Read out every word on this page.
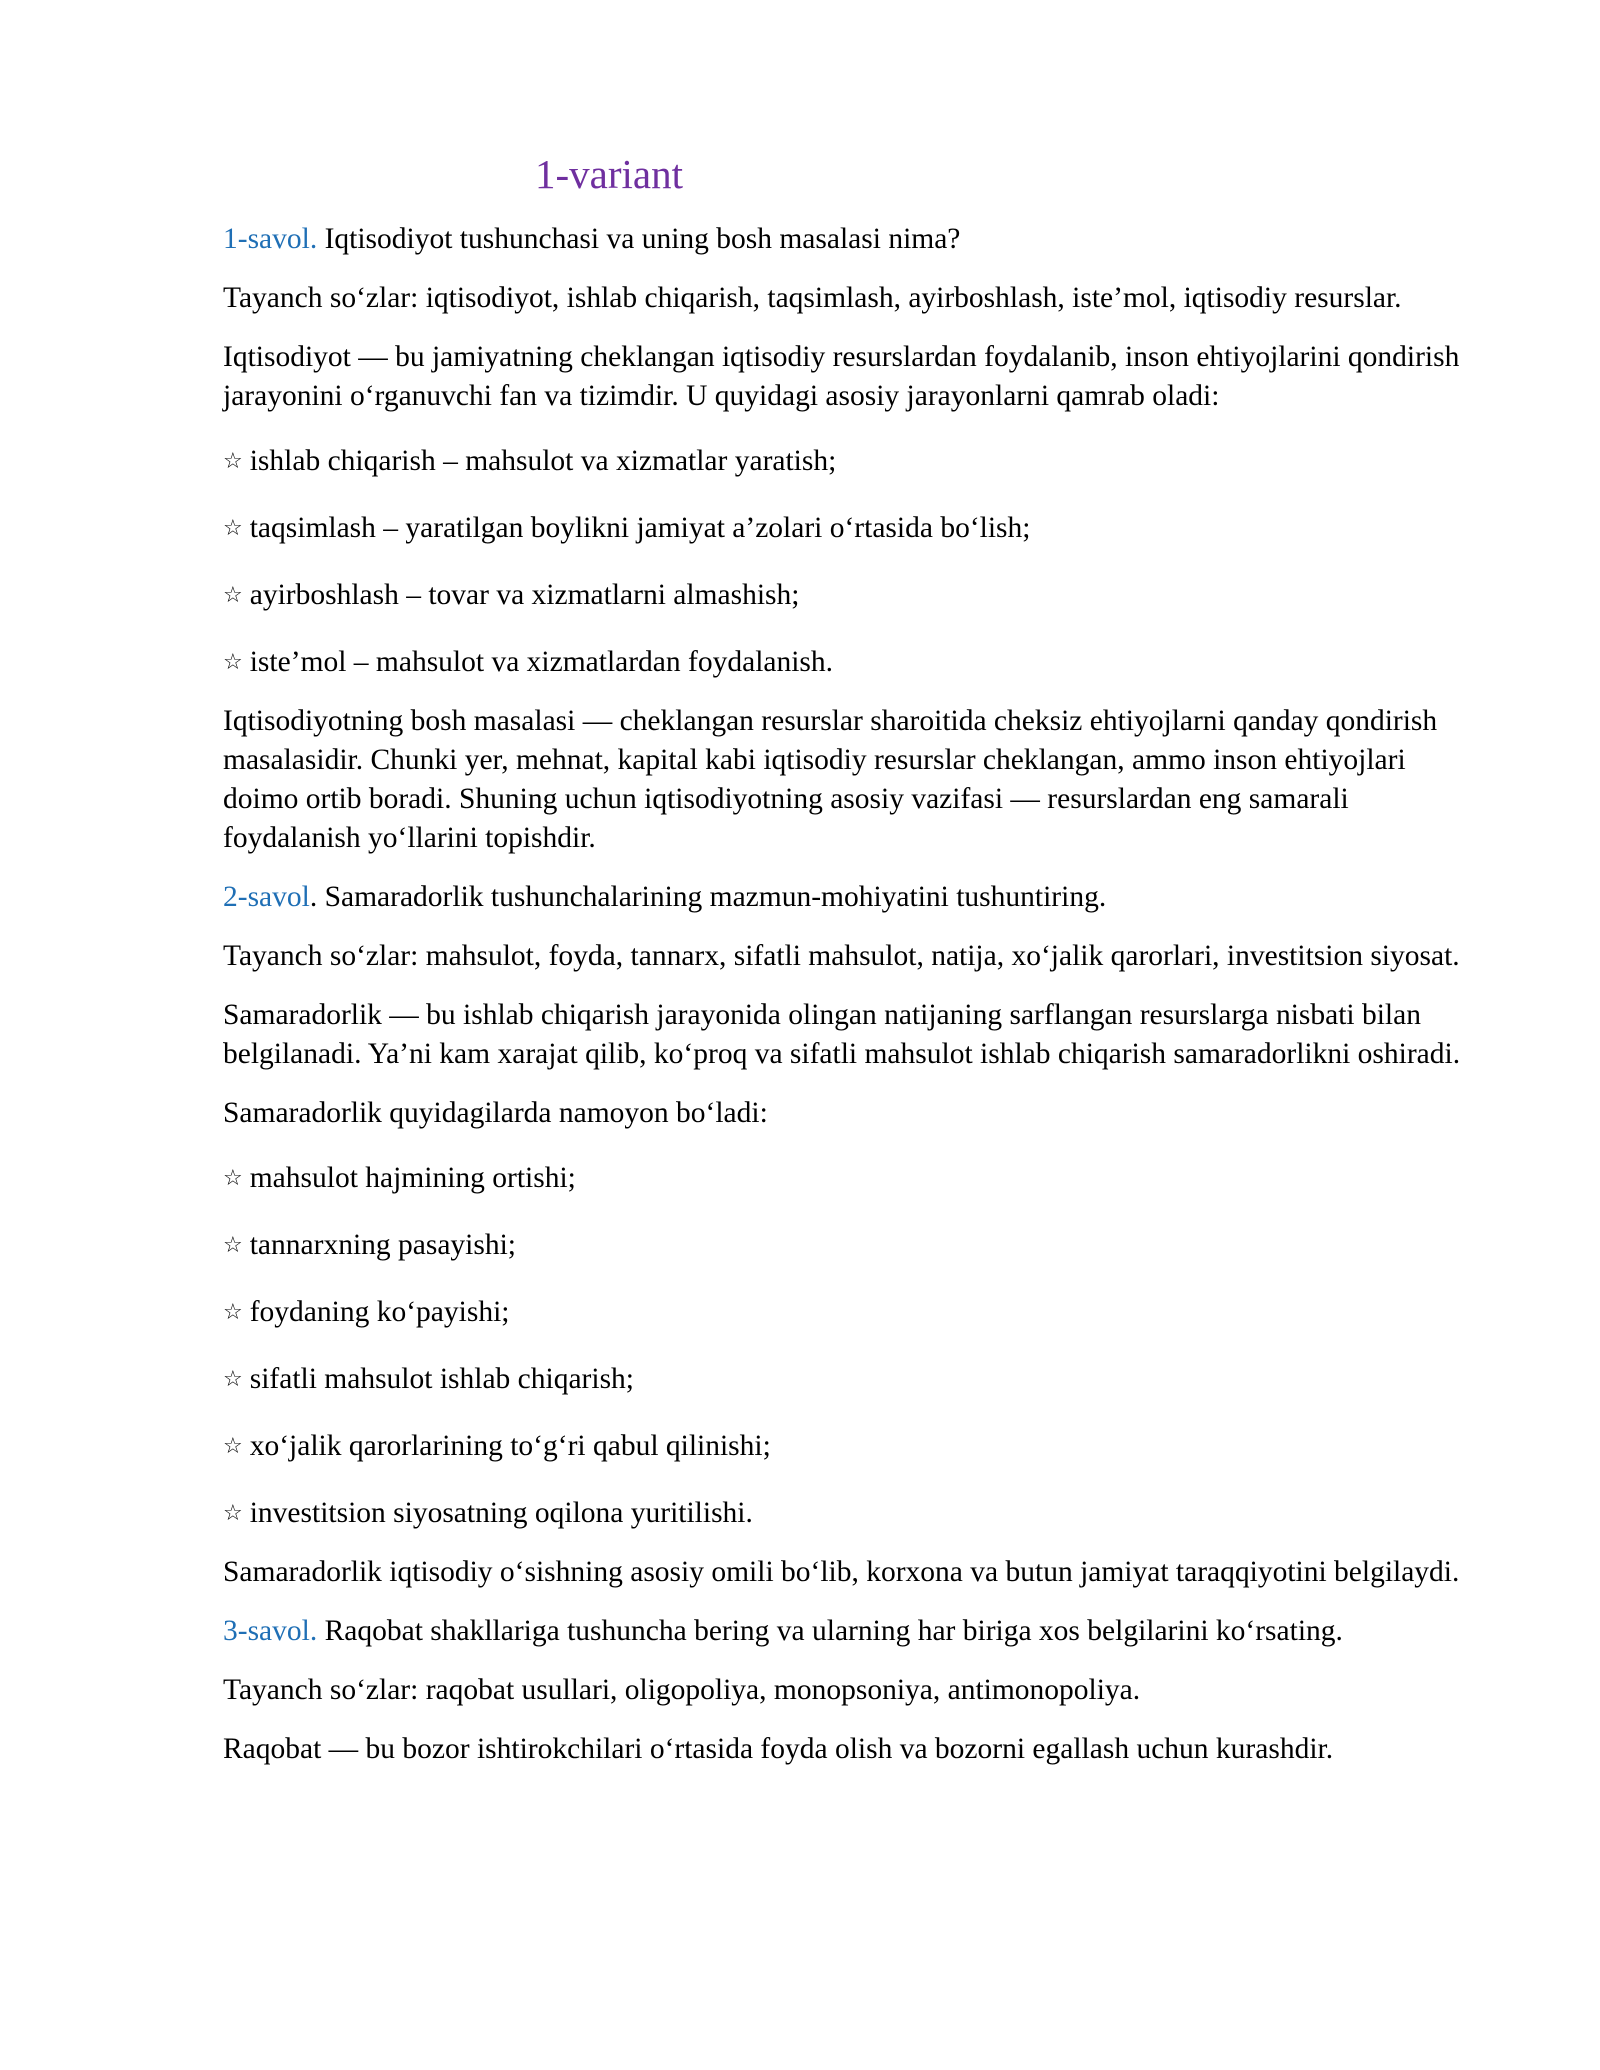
1-variant

1-savol. Iqtisodiyot tushunchasi va uning bosh masalasi nima?

Tayanch so‘zlar: iqtisodiyot, ishlab chiqarish, taqsimlash, ayirboshlash, iste’mol, iqtisodiy resurslar.

Iqtisodiyot — bu jamiyatning cheklangan iqtisodiy resurslardan foydalanib, inson ehtiyojlarini qondirish jarayonini o‘rganuvchi fan va tizimdir. U quyidagi asosiy jarayonlarni qamrab oladi:

☆ ishlab chiqarish – mahsulot va xizmatlar yaratish;

☆ taqsimlash – yaratilgan boylikni jamiyat a’zolari o‘rtasida bo‘lish;

☆ ayirboshlash – tovar va xizmatlarni almashish;

☆ iste’mol – mahsulot va xizmatlardan foydalanish.

Iqtisodiyotning bosh masalasi — cheklangan resurslar sharoitida cheksiz ehtiyojlarni qanday qondirish masalasidir. Chunki yer, mehnat, kapital kabi iqtisodiy resurslar cheklangan, ammo inson ehtiyojlari doimo ortib boradi. Shuning uchun iqtisodiyotning asosiy vazifasi — resurslardan eng samarali foydalanish yo‘llarini topishdir.

2-savol. Samaradorlik tushunchalarining mazmun-mohiyatini tushuntiring.

Tayanch so‘zlar: mahsulot, foyda, tannarx, sifatli mahsulot, natija, xo‘jalik qarorlari, investitsion siyosat.

Samaradorlik — bu ishlab chiqarish jarayonida olingan natijaning sarflangan resurslarga nisbati bilan belgilanadi. Ya’ni kam xarajat qilib, ko‘proq va sifatli mahsulot ishlab chiqarish samaradorlikni oshiradi.

Samaradorlik quyidagilarda namoyon bo‘ladi:

☆ mahsulot hajmining ortishi;

☆ tannarxning pasayishi;

☆ foydaning ko‘payishi;

☆ sifatli mahsulot ishlab chiqarish;

☆ xo‘jalik qarorlarining to‘g‘ri qabul qilinishi;

☆ investitsion siyosatning oqilona yuritilishi.

Samaradorlik iqtisodiy o‘sishning asosiy omili bo‘lib, korxona va butun jamiyat taraqqiyotini belgilaydi.

3-savol. Raqobat shakllariga tushuncha bering va ularning har biriga xos belgilarini ko‘rsating.

Tayanch so‘zlar: raqobat usullari, oligopoliya, monopsoniya, antimonopoliya.

Raqobat — bu bozor ishtirokchilari o‘rtasida foyda olish va bozorni egallash uchun kurashdir.
